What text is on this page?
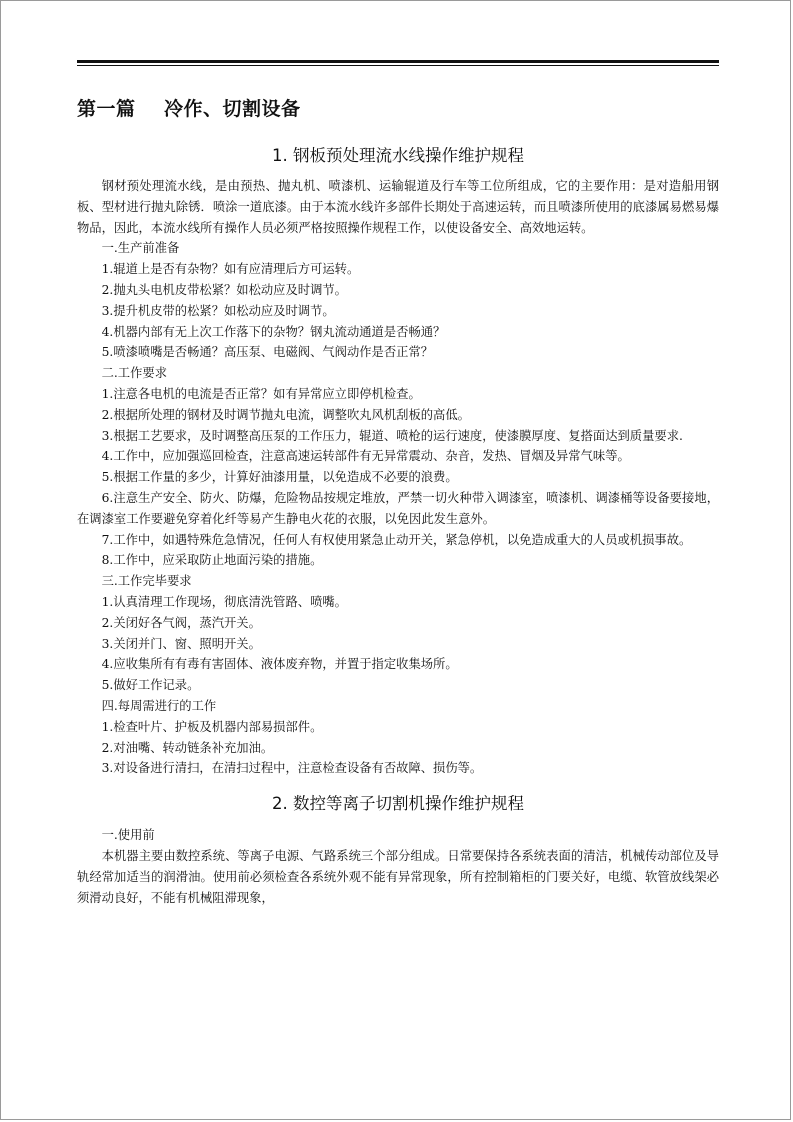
第一篇    冷作、切割设备
1. 钢板预处理流水线操作维护规程

钢材预处理流水线，是由预热、抛丸机、喷漆机、运输辊道及行车等工位所组成，它的主要作用：是对造船用钢板、型材进行抛丸除锈．喷涂一道底漆。由于本流水线许多部件长期处于高速运转，而且喷漆所使用的底漆属易燃易爆物品，因此，本流水线所有操作人员必须严格按照操作规程工作，以使设备安全、高效地运转。

一.生产前准备

1.辊道上是否有杂物？如有应清理后方可运转。

2.抛丸头电机皮带松紧？如松动应及时调节。

3.提升机皮带的松紧？如松动应及时调节。

4.机器内部有无上次工作落下的杂物？钢丸流动通道是否畅通？

5.喷漆喷嘴是否畅通？高压泵、电磁阀、气阀动作是否正常？

二.工作要求

1.注意各电机的电流是否正常？如有异常应立即停机检查。

2.根据所处理的钢材及时调节抛丸电流，调整吹丸风机刮板的高低。

3.根据工艺要求，及时调整高压泵的工作压力，辊道、喷枪的运行速度，使漆膜厚度、复搭面达到质量要求.

4.工作中，应加强巡回检查，注意高速运转部件有无异常震动、杂音，发热、冒烟及异常气味等。

5.根据工作量的多少，计算好油漆用量，以免造成不必要的浪费。

6.注意生产安全、防火、防爆，危险物品按规定堆放，严禁一切火种带入调漆室，喷漆机、调漆桶等设备要接地，在调漆室工作要避免穿着化纤等易产生静电火花的衣服，以免因此发生意外。

7.工作中，如遇特殊危急情况，任何人有权使用紧急止动开关，紧急停机，以免造成重大的人员或机损事故。

8.工作中，应采取防止地面污染的措施。

三.工作完毕要求

1.认真清理工作现场，彻底清洗管路、喷嘴。

2.关闭好各气阀，蒸汽开关。

3.关闭并门、窗、照明开关。

4.应收集所有有毒有害固体、液体废弃物，并置于指定收集场所。

5.做好工作记录。

四.每周需进行的工作

1.检查叶片、护板及机器内部易损部件。

2.对油嘴、转动链条补充加油。

3.对设备进行清扫，在清扫过程中，注意检查设备有否故障、损伤等。

2. 数控等离子切割机操作维护规程

一.使用前

本机器主要由数控系统、等离子电源、气路系统三个部分组成。日常要保持各系统表面的清洁，机械传动部位及导轨经常加适当的润滑油。使用前必须检查各系统外观不能有异常现象，所有控制箱柜的门要关好，电缆、软管放线架必须滑动良好，不能有机械阻滞现象，
